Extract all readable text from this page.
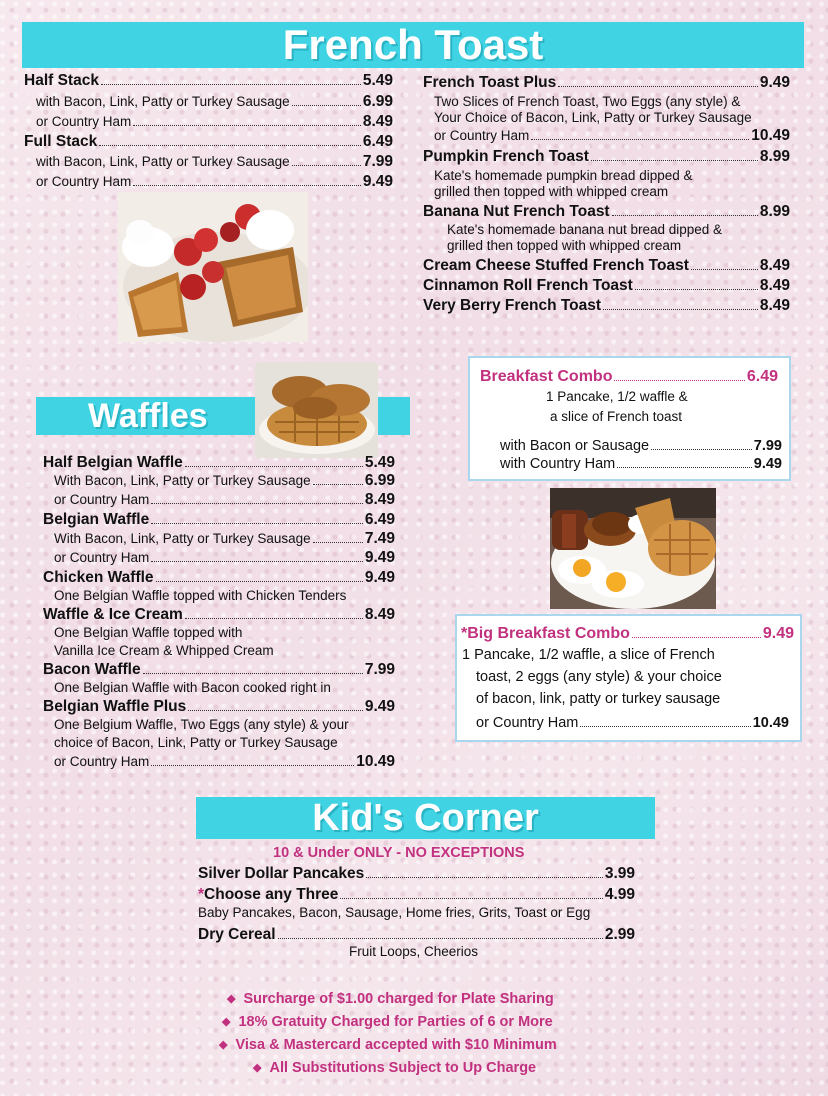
French Toast
Half Stack	5.49
with Bacon, Link, Patty or Turkey Sausage	6.99
or Country Ham	8.49
Full Stack	6.49
with Bacon, Link, Patty or Turkey Sausage	7.99
or Country Ham	9.49
French Toast Plus	9.49
Two Slices of French Toast, Two Eggs (any style) &
Your Choice of Bacon, Link, Patty or Turkey Sausage
or Country Ham	10.49
Pumpkin French Toast	8.99
Kate's homemade pumpkin bread dipped &
grilled then topped with whipped cream
Banana Nut French Toast	8.99
Kate's homemade banana nut bread dipped &
grilled then topped with whipped cream
Cream Cheese Stuffed French Toast	8.49
Cinnamon Roll French Toast	8.49
Very Berry French Toast	8.49
Waffles
Half Belgian Waffle	5.49
With Bacon, Link, Patty or Turkey Sausage	6.99
or Country Ham	8.49
Belgian Waffle	6.49
With Bacon, Link, Patty or Turkey Sausage	7.49
or Country Ham	9.49
Chicken Waffle	9.49
One Belgian Waffle topped with Chicken Tenders
Waffle & Ice Cream	8.49
One Belgian Waffle topped with
Vanilla Ice Cream & Whipped Cream
Bacon Waffle	7.99
One Belgian Waffle with Bacon cooked right in
Belgian Waffle Plus	9.49
One Belgium Waffle, Two Eggs (any style) & your
choice of Bacon, Link, Patty or Turkey Sausage
or Country Ham	10.49
Breakfast Combo	6.49
1 Pancake, 1/2 waffle &
a slice of French toast
with Bacon or Sausage	7.99
with Country Ham	9.49
*Big Breakfast Combo	9.49
1 Pancake, 1/2 waffle, a slice of French
toast, 2 eggs (any style) & your choice
of bacon, link, patty or turkey sausage
or Country Ham	10.49
Kid's Corner
10 & Under ONLY - NO EXCEPTIONS
Silver Dollar Pancakes	3.99
*Choose any Three	4.99
Baby Pancakes, Bacon, Sausage, Home fries, Grits, Toast or Egg
Dry Cereal	2.99
Fruit Loops, Cheerios
◆ Surcharge of $1.00 charged for Plate Sharing
◆ 18% Gratuity Charged for Parties of 6 or More
◆ Visa & Mastercard accepted with $10 Minimum
◆ All Substitutions Subject to Up Charge
